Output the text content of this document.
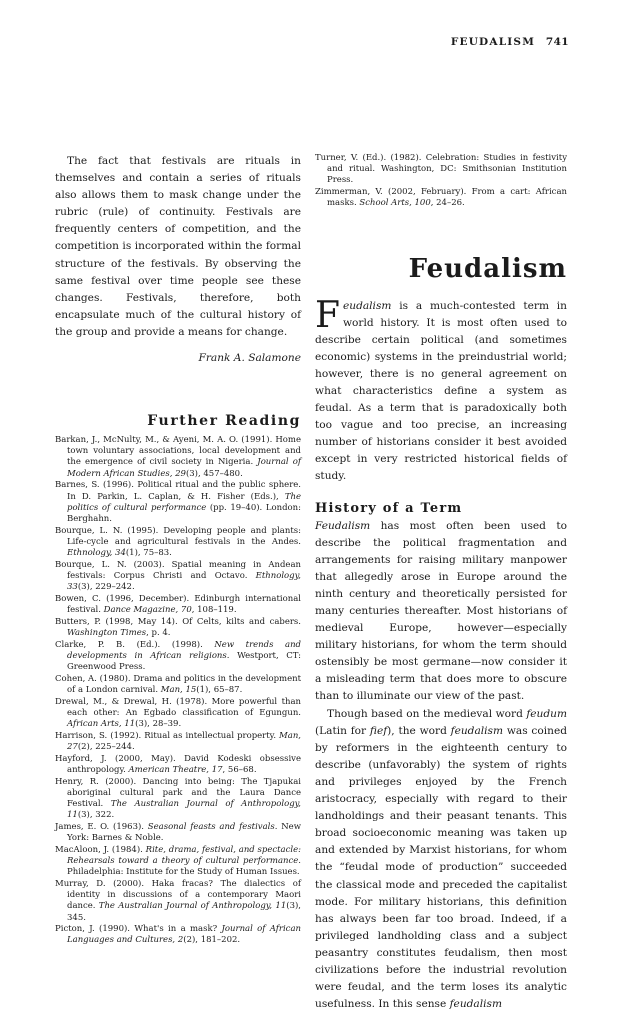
FEUDALISM 741

The fact that festivals are rituals in themselves and contain a series of rituals also allows them to mask change under the rubric (rule) of continuity. Festivals are frequently centers of competition, and the competition is incorporated within the formal structure of the festivals. By observing the same festival over time people see these changes. Festivals, therefore, both encapsulate much of the cultural history of the group and provide a means for change.

Frank A. Salamone
Further Reading

Barkan, J., McNulty, M., & Ayeni, M. A. O. (1991). Home town voluntary associations, local development and the emergence of civil society in Nigeria. Journal of Modern African Studies, 29(3), 457–480.

Barnes, S. (1996). Political ritual and the public sphere. In D. Parkin, L. Caplan, & H. Fisher (Eds.), The politics of cultural performance (pp. 19–40). London: Berghahn.

Bourque, L. N. (1995). Developing people and plants: Life-cycle and agricultural festivals in the Andes. Ethnology, 34(1), 75–83.

Bourque, L. N. (2003). Spatial meaning in Andean festivals: Corpus Christi and Octavo. Ethnology, 33(3), 229–242.

Bowen, C. (1996, December). Edinburgh international festival. Dance Magazine, 70, 108–119.

Butters, P. (1998, May 14). Of Celts, kilts and cabers. Washington Times, p. 4.

Clarke, P. B. (Ed.). (1998). New trends and developments in African religions. Westport, CT: Greenwood Press.

Cohen, A. (1980). Drama and politics in the development of a London carnival. Man, 15(1), 65–87.

Drewal, M., & Drewal, H. (1978). More powerful than each other: An Egbado classification of Egungun. African Arts, 11(3), 28–39.

Harrison, S. (1992). Ritual as intellectual property. Man, 27(2), 225–244.

Hayford, J. (2000, May). David Kodeski obsessive anthropology. American Theatre, 17, 56–68.

Henry, R. (2000). Dancing into being: The Tjapukai aboriginal cultural park and the Laura Dance Festival. The Australian Journal of Anthropology, 11(3), 322.

James, E. O. (1963). Seasonal feasts and festivals. New York: Barnes & Noble.

MacAloon, J. (1984). Rite, drama, festival, and spectacle: Rehearsals toward a theory of cultural performance. Philadelphia: Institute for the Study of Human Issues.

Murray, D. (2000). Haka fracas? The dialectics of identity in discussions of a contemporary Maori dance. The Australian Journal of Anthropology, 11(3), 345.

Picton, J. (1990). What's in a mask? Journal of African Languages and Cultures, 2(2), 181–202.

Turner, V. (Ed.). (1982). Celebration: Studies in festivity and ritual. Washington, DC: Smithsonian Institution Press.

Zimmerman, V. (2002, February). From a cart: African masks. School Arts, 100, 24–26.

Feudalism

Feudalism is a much-contested term in world history. It is most often used to describe certain political (and sometimes economic) systems in the preindustrial world; however, there is no general agreement on what characteristics define a system as feudal. As a term that is paradoxically both too vague and too precise, an increasing number of historians consider it best avoided except in very restricted historical fields of study.

History of a Term

Feudalism has most often been used to describe the political fragmentation and arrangements for raising military manpower that allegedly arose in Europe around the ninth century and theoretically persisted for many centuries thereafter. Most historians of medieval Europe, however—especially military historians, for whom the term should ostensibly be most germane—now consider it a misleading term that does more to obscure than to illuminate our view of the past.

Though based on the medieval word feudum (Latin for fief), the word feudalism was coined by reformers in the eighteenth century to describe (unfavorably) the system of rights and privileges enjoyed by the French aristocracy, especially with regard to their landholdings and their peasant tenants. This broad socioeconomic meaning was taken up and extended by Marxist historians, for whom the “feudal mode of production” succeeded the classical mode and preceded the capitalist mode. For military historians, this definition has always been far too broad. Indeed, if a privileged landholding class and a subject peasantry constitutes feudalism, then most civilizations before the industrial revolution were feudal, and the term loses its analytic usefulness. In this sense feudalism
